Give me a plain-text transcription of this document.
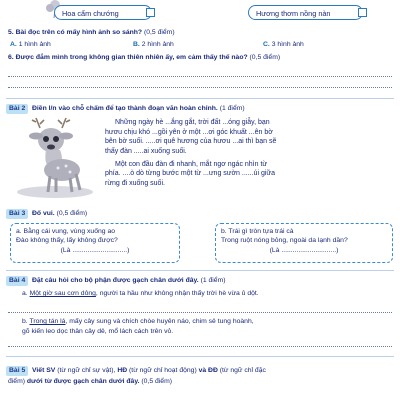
Hoa cẩm chướng	Hương thơm nồng nàn
5. Bài đọc trên có mấy hình ảnh so sánh? (0,5 điểm)
A. 1 hình ảnh	B. 2 hình ảnh	C. 3 hình ảnh
6. Được đắm mình trong không gian thiên nhiên ấy, em cảm thấy thế nào? (0,5 điểm)
Bài 2 Điền l/n vào chỗ chấm để tạo thành đoạn văn hoàn chỉnh. (1 điểm)
Những ngày hè ...ắng gắt, trời đất ...óng giẫy, bạn
hươu chịu khó ...gồi yên ở một ...ơi góc khuất ...ên bờ
bên bờ suối. .....ơi quê hương của hươu ...ai thì bạn sẽ
thấy đàn .....ai xuống suối.
Một con đầu đàn đi nhanh, mắt ngơ ngác nhìn từ
phía. ....ò dò từng bước một từ ...ưng sườn ......úi giữa
rừng đi xuống suối.
Bài 3 Đố vui. (0,5 điểm)
a. Bằng cái vung, vùng xuống ao
Đào không thấy, lấy không được?
(Là .............................)
b. Trái gì tròn tựa trái cà
Trong ruột nóng bỏng, ngoài da lạnh dần?
(Là .............................)
Bài 4 Đặt câu hỏi cho bộ phận được gạch chân dưới đây. (1 điểm)
a. Một giờ sau cơn dông, người ta hầu như không nhận thấy trời hè vừa ủ dột.
b. Trong tán lá, mấy cây sung và chích chòe huyên náo, chim sẻ tung hoành,
gõ kiến leo dọc thân cây dẻ, mổ lách cách trên vỏ.
Bài 5 Viết SV (từ ngữ chỉ sự vật), HĐ (từ ngữ chỉ hoạt động) và ĐĐ (từ ngữ chỉ đặc
điểm) dưới từ được gạch chân dưới đây. (0,5 điểm)
